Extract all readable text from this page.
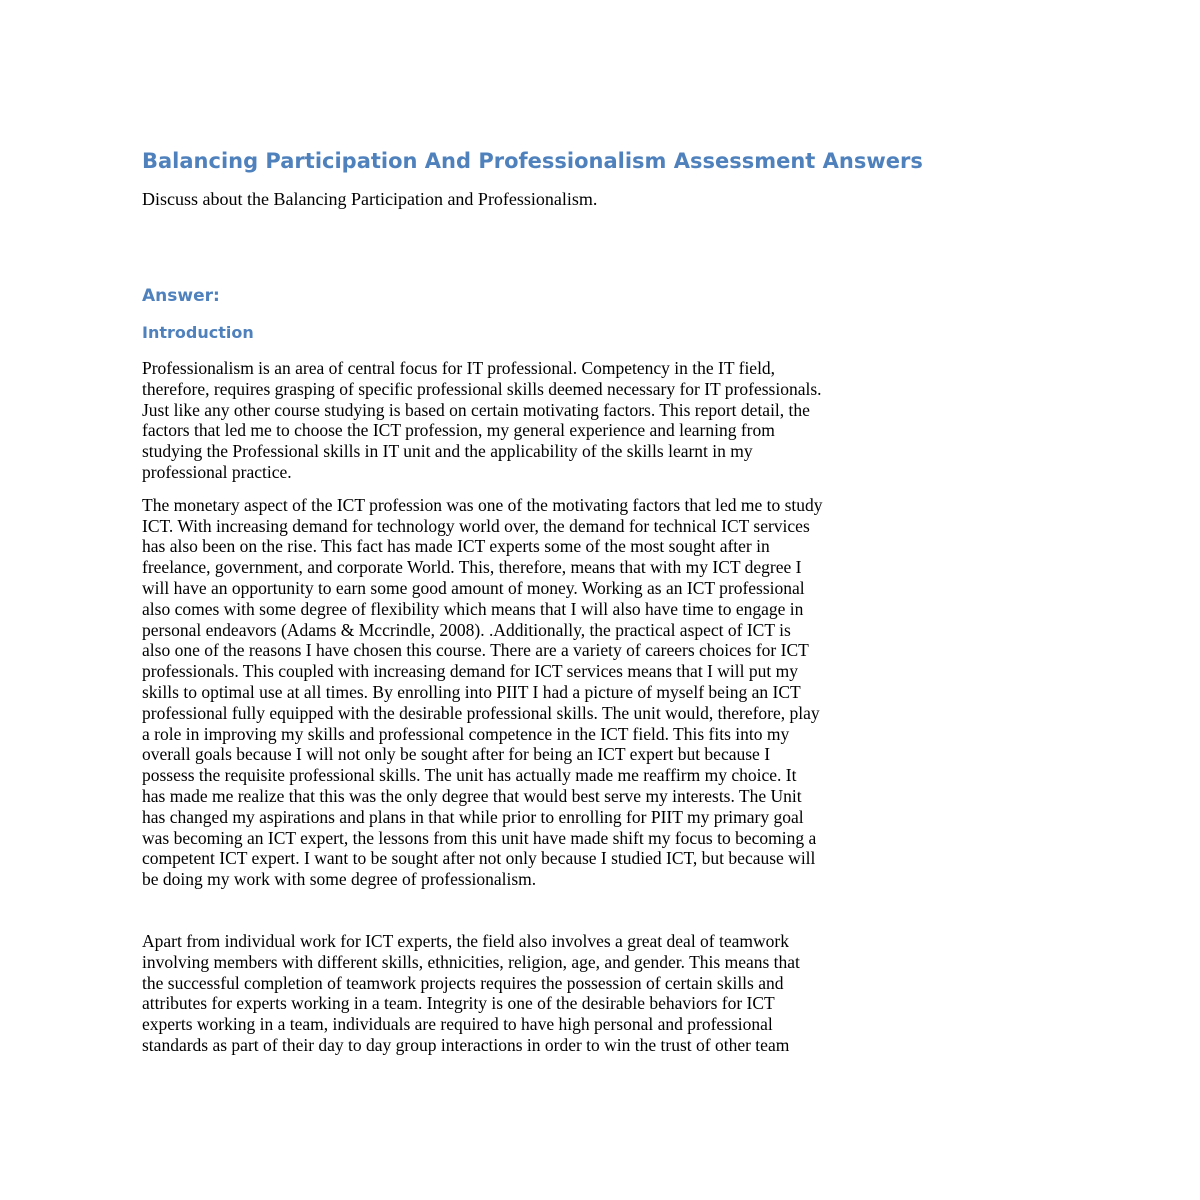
Balancing Participation And Professionalism Assessment Answers

Discuss about the Balancing Participation and Professionalism.

Answer:
Introduction

Professionalism is an area of central focus for IT professional. Competency in the IT field,
therefore, requires grasping of specific professional skills deemed necessary for IT professionals.
Just like any other course studying is based on certain motivating factors. This report detail, the
factors that led me to choose the ICT profession, my general experience and learning from
studying the Professional skills in IT unit and the applicability of the skills learnt in my
professional practice.

The monetary aspect of the ICT profession was one of the motivating factors that led me to study
ICT. With increasing demand for technology world over, the demand for technical ICT services
has also been on the rise. This fact has made ICT experts some of the most sought after in
freelance, government, and corporate World. This, therefore, means that with my ICT degree I
will have an opportunity to earn some good amount of money. Working as an ICT professional
also comes with some degree of flexibility which means that I will also have time to engage in
personal endeavors (Adams & Mccrindle, 2008). .Additionally, the practical aspect of ICT is
also one of the reasons I have chosen this course. There are a variety of careers choices for ICT
professionals. This coupled with increasing demand for ICT services means that I will put my
skills to optimal use at all times. By enrolling into PIIT I had a picture of myself being an ICT
professional fully equipped with the desirable professional skills. The unit would, therefore, play
a role in improving my skills and professional competence in the ICT field. This fits into my
overall goals because I will not only be sought after for being an ICT expert but because I
possess the requisite professional skills. The unit has actually made me reaffirm my choice. It
has made me realize that this was the only degree that would best serve my interests. The Unit
has changed my aspirations and plans in that while prior to enrolling for PIIT my primary goal
was becoming an ICT expert, the lessons from this unit have made shift my focus to becoming a
competent ICT expert. I want to be sought after not only because I studied ICT, but because will
be doing my work with some degree of professionalism.

Apart from individual work for ICT experts, the field also involves a great deal of teamwork
involving members with different skills, ethnicities, religion, age, and gender. This means that
the successful completion of teamwork projects requires the possession of certain skills and
attributes for experts working in a team. Integrity is one of the desirable behaviors for ICT
experts working in a team, individuals are required to have high personal and professional
standards as part of their day to day group interactions in order to win the trust of other team
